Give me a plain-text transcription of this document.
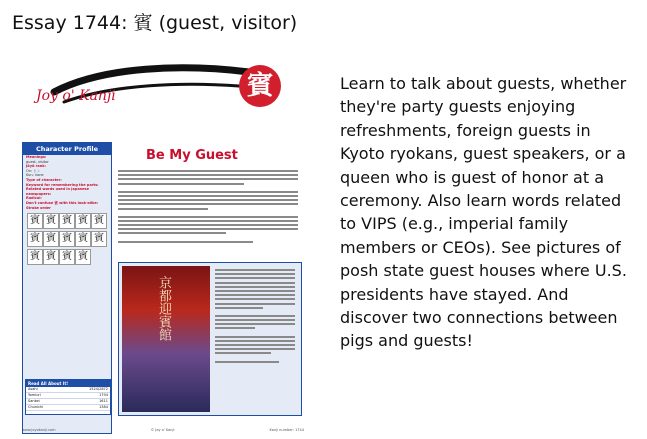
Essay 1744: 賓 (guest, visitor)
Joy o' Kanji	賓
Character Profile
Meanings:
guest, visitor
Jōyō rank:
On: ヒン
Kun: none
Type of character:
Keyword for remembering the parts:
Related words used in Japanese newspapers:
Radical:
Don't confuse 賓 with this look-alike:
Stroke order
賓 賓 賓 賓 賓
賓 賓 賓 賓 賓
賓 賓 賓 賓
Read All About It!
Asahi	1524/2872
Yomiuri	1794
Sankei	1611
Chunichi	1384
Be My Guest
京都迎賓館
www.joyokanji.com	© Joy o' Kanji	Kanji number: 1744

Learn to talk about guests, whether they're party guests enjoying refreshments, foreign guests in Kyoto ryokans, guest speakers, or a queen who is guest of honor at a ceremony. Also learn words related to VIPS (e.g., imperial family members or CEOs). See pictures of posh state guest houses where U.S. presidents have stayed. And discover two connections between pigs and guests!
